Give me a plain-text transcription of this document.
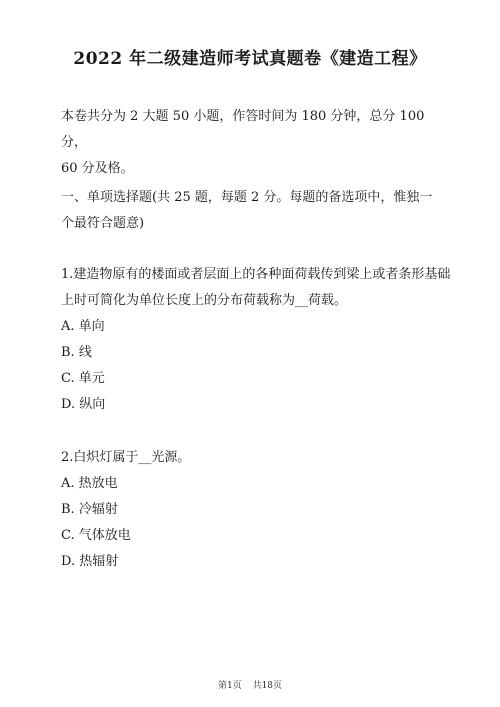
2022 年二级建造师考试真题卷《建造工程》
本卷共分为 2 大题 50 小题，作答时间为 180 分钟，总分 100 分，
60 分及格。
一、单项选择题(共 25 题，每题 2 分。每题的备选项中，惟独一
个最符合题意)
1.建造物原有的楼面或者层面上的各种面荷载传到梁上或者条形基础
上时可简化为单位长度上的分布荷载称为__荷载。
A. 单向
B. 线
C. 单元
D. 纵向
2.白炽灯属于__光源。
A. 热放电
B. 冷辐射
C. 气体放电
D. 热辐射
第1页 共18页
